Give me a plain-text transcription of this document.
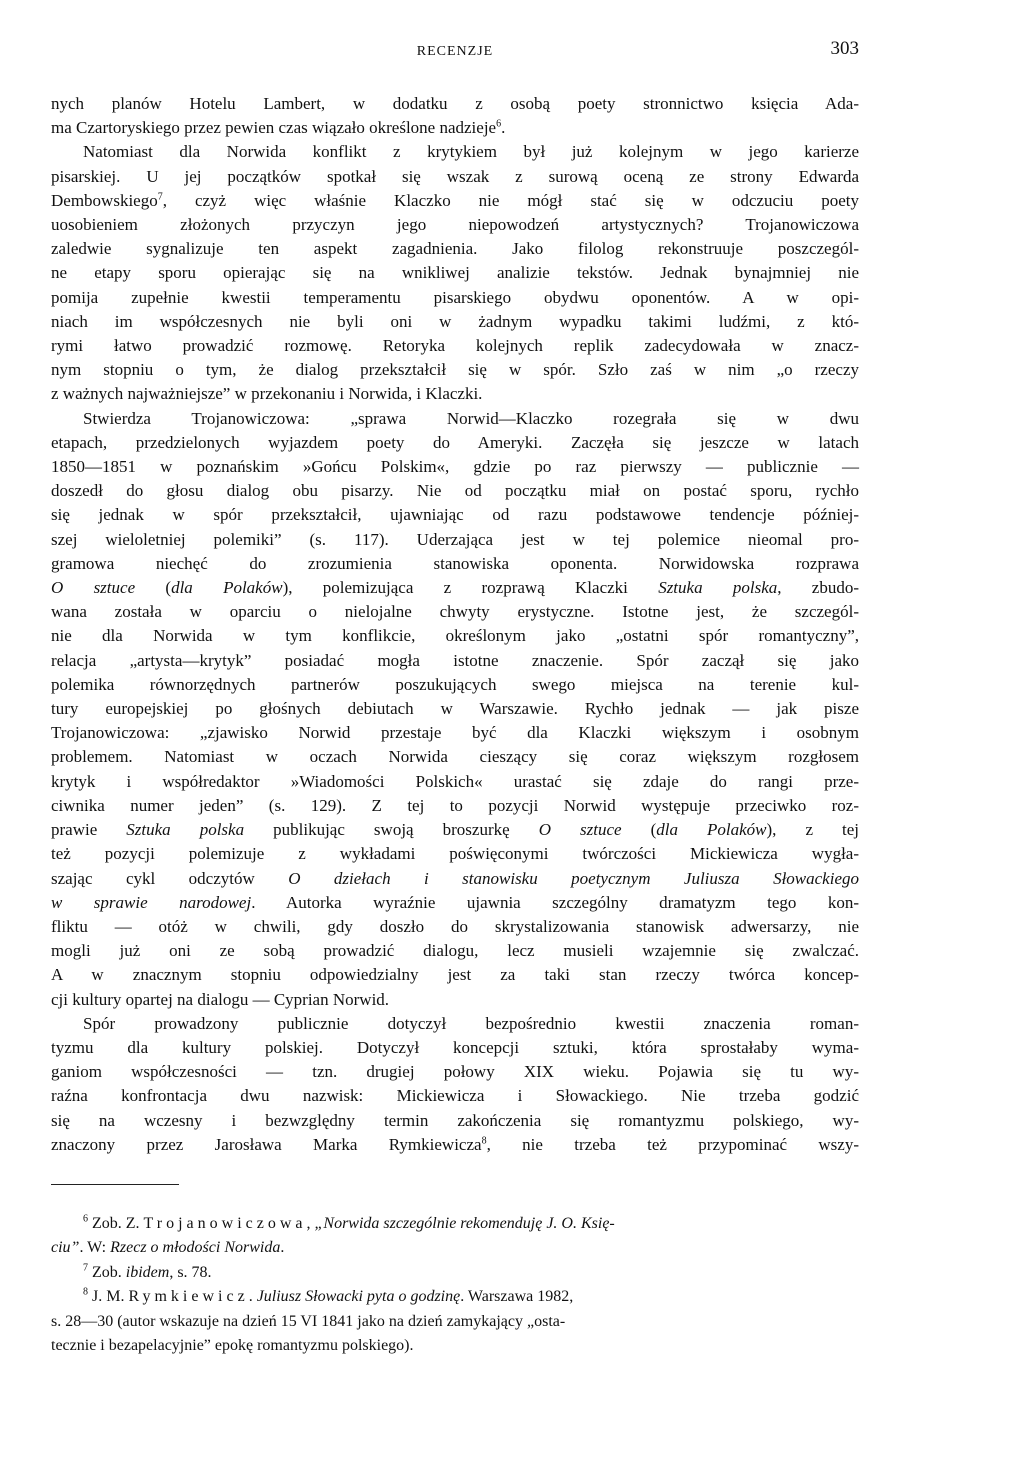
RECENZJE	303

nych planów Hotelu Lambert, w dodatku z osobą poety stronnictwo księcia Ada-

ma Czartoryskiego przez pewien czas wiązało określone nadzieje$^6$.

Natomiast dla Norwida konflikt z krytykiem był już kolejnym w jego karierze

pisarskiej. U jej początków spotkał się wszak z surową oceną ze strony Edwarda

Dembowskiego$^7$, czyż więc właśnie Klaczko nie mógł stać się w odczuciu poety

uosobieniem złożonych przyczyn jego niepowodzeń artystycznych? Trojanowiczowa

zaledwie sygnalizuje ten aspekt zagadnienia. Jako filolog rekonstruuje poszczegól-

ne etapy sporu opierając się na wnikliwej analizie tekstów. Jednak bynajmniej nie

pomija zupełnie kwestii temperamentu pisarskiego obydwu oponentów. A w opi-

niach im współczesnych nie byli oni w żadnym wypadku takimi ludźmi, z któ-

rymi łatwo prowadzić rozmowę. Retoryka kolejnych replik zadecydowała w znacz-

nym stopniu o tym, że dialog przekształcił się w spór. Szło zaś w nim „o rzeczy

z ważnych najważniejsze” w przekonaniu i Norwida, i Klaczki.

Stwierdza Trojanowiczowa: „sprawa Norwid—Klaczko rozegrała się w dwu

etapach, przedzielonych wyjazdem poety do Ameryki. Zaczęła się jeszcze w latach

1850—1851 w poznańskim »Gońcu Polskim«, gdzie po raz pierwszy — publicznie —

doszedł do głosu dialog obu pisarzy. Nie od początku miał on postać sporu, rychło

się jednak w spór przekształcił, ujawniając od razu podstawowe tendencje później-

szej wieloletniej polemiki” (s. 117). Uderzająca jest w tej polemice nieomal pro-

gramowa niechęć do zrozumienia stanowiska oponenta. Norwidowska rozprawa

O sztuce (dla Polaków), polemizująca z rozprawą Klaczki Sztuka polska, zbudo-

wana została w oparciu o nielojalne chwyty erystyczne. Istotne jest, że szczegól-

nie dla Norwida w tym konflikcie, określonym jako „ostatni spór romantyczny”,

relacja „artysta—krytyk” posiadać mogła istotne znaczenie. Spór zaczął się jako

polemika równorzędnych partnerów poszukujących swego miejsca na terenie kul-

tury europejskiej po głośnych debiutach w Warszawie. Rychło jednak — jak pisze

Trojanowiczowa: „zjawisko Norwid przestaje być dla Klaczki większym i osobnym

problemem. Natomiast w oczach Norwida cieszący się coraz większym rozgłosem

krytyk i współredaktor »Wiadomości Polskich« urastać się zdaje do rangi prze-

ciwnika numer jeden” (s. 129). Z tej to pozycji Norwid występuje przeciwko roz-

prawie Sztuka polska publikując swoją broszurkę O sztuce (dla Polaków), z tej

też pozycji polemizuje z wykładami poświęconymi twórczości Mickiewicza wygła-

szając cykl odczytów O dziełach i stanowisku poetycznym Juliusza Słowackiego

w sprawie narodowej. Autorka wyraźnie ujawnia szczególny dramatyzm tego kon-

fliktu — otóż w chwili, gdy doszło do skrystalizowania stanowisk adwersarzy, nie

mogli już oni ze sobą prowadzić dialogu, lecz musieli wzajemnie się zwalczać.

A w znacznym stopniu odpowiedzialny jest za taki stan rzeczy twórca koncep-

cji kultury opartej na dialogu — Cyprian Norwid.

Spór prowadzony publicznie dotyczył bezpośrednio kwestii znaczenia roman-

tyzmu dla kultury polskiej. Dotyczył koncepcji sztuki, która sprostałaby wyma-

ganiom współczesności — tzn. drugiej połowy XIX wieku. Pojawia się tu wy-

raźna konfrontacja dwu nazwisk: Mickiewicza i Słowackiego. Nie trzeba godzić

się na wczesny i bezwzględny termin zakończenia się romantyzmu polskiego, wy-

znaczony przez Jarosława Marka Rymkiewicza$^8$, nie trzeba też przypominać wszy-

$^6$ Zob. Z. Trojanowiczowa, „Norwida szczególnie rekomenduję J. O. Księ-
ciu”. W: Rzecz o młodości Norwida.

$^7$ Zob. ibidem, s. 78.

$^8$ J. M. Rymkiewicz. Juliusz Słowacki pyta o godzinę. Warszawa 1982,

s. 28—30 (autor wskazuje na dzień 15 VI 1841 jako na dzień zamykający „osta-

tecznie i bezapelacyjnie” epokę romantyzmu polskiego).
